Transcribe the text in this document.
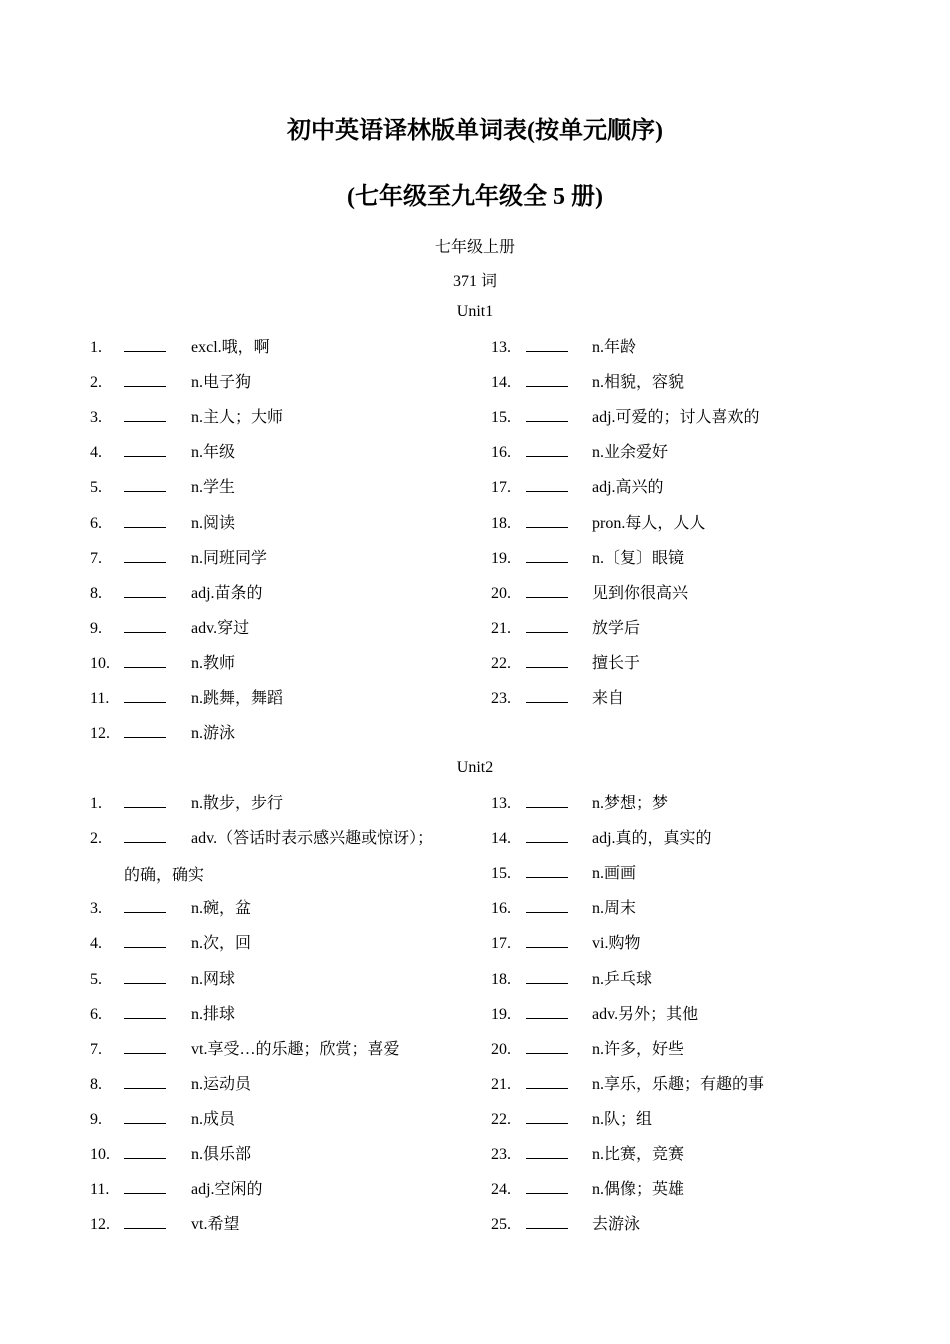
初中英语译林版单词表(按单元顺序)
(七年级至九年级全 5 册)
七年级上册
371 词
Unit1
1.	excl.哦，啊
2.	n.电子狗
3.	n.主人；大师
4.	n.年级
5.	n.学生
6.	n.阅读
7.	n.同班同学
8.	adj.苗条的
9.	adv.穿过
10.	n.教师
11.	n.跳舞，舞蹈
12.	n.游泳
13.	n.年龄
14.	n.相貌，容貌
15.	adj.可爱的；讨人喜欢的
16.	n.业余爱好
17.	adj.高兴的
18.	pron.每人，人人
19.	n.〔复〕眼镜
20.	见到你很高兴
21.	放学后
22.	擅长于
23.	来自
Unit2
1.	n.散步，步行
2.	adv.（答话时表示感兴趣或惊讶）；
的确，确实
3.	n.碗，盆
4.	n.次，回
5.	n.网球
6.	n.排球
7.	vt.享受…的乐趣；欣赏；喜爱
8.	n.运动员
9.	n.成员
10.	n.俱乐部
11.	adj.空闲的
12.	vt.希望
13.	n.梦想；梦
14.	adj.真的，真实的
15.	n.画画
16.	n.周末
17.	vi.购物
18.	n.乒乓球
19.	adv.另外；其他
20.	n.许多，好些
21.	n.享乐，乐趣；有趣的事
22.	n.队；组
23.	n.比赛，竞赛
24.	n.偶像；英雄
25.	去游泳
